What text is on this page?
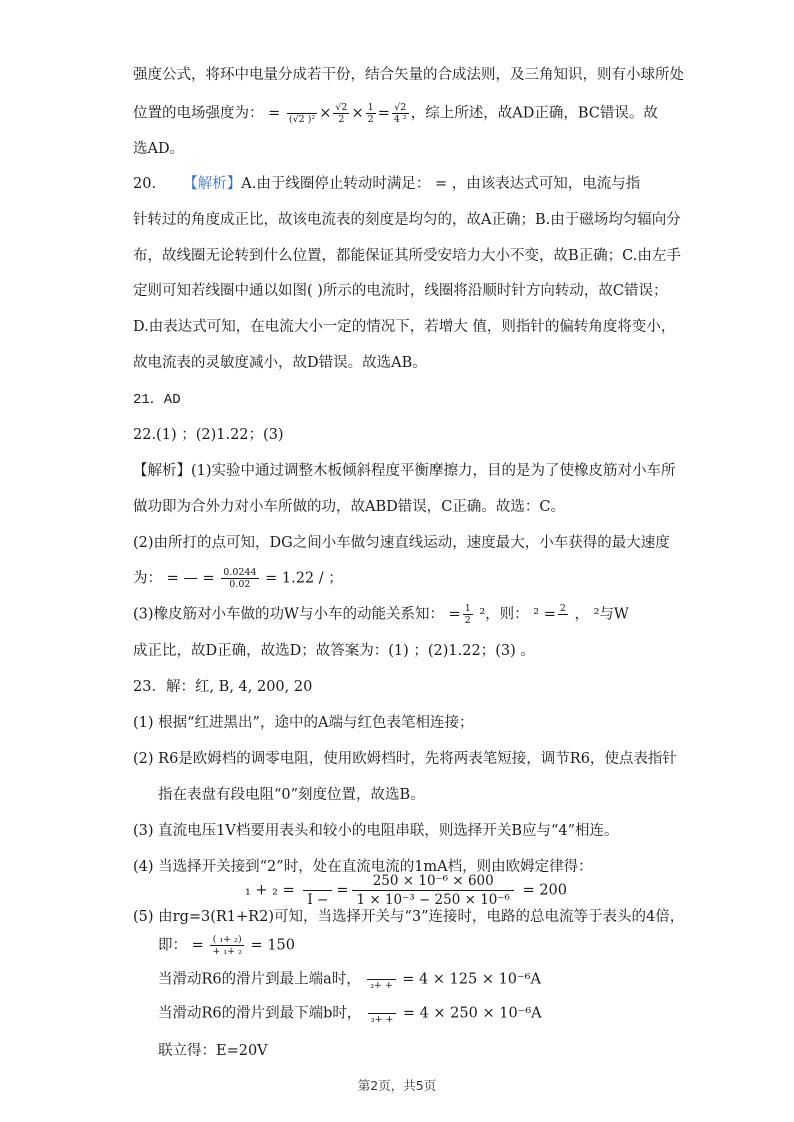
强度公式，将环中电量分成若干份，结合矢量的合成法则，及三角知识，则有小球所处
位置的电场强度为： =
(√2 )$^2 \times \frac{√2}{2} \times \frac{1}{2} = \frac{√2}{\text{4 ²}}$ ，综上所述，故AD正确，BC错误。故
选AD。
20. 【解析】A.由于线圈停止转动时满足： = ，由该表达式可知，电流与指
针转过的角度成正比，故该电流表的刻度是均匀的，故A正确；B.由于磁场均匀辐向分
布，故线圈无论转到什么位置，都能保证其所受安培力大小不变，故B正确；C.由左手
定则可知若线圈中通以如图( )所示的电流时，线圈将沿顺时针方向转动，故C错误；
D.由表达式可知，在电流大小一定的情况下，若增大 值，则指针的偏转角度将变小，
故电流表的灵敏度减小，故D错误。故选AB。
21．AD
22.(1) ；(2)1.22；(3)
【解析】(1)实验中通过调整木板倾斜程度平衡摩擦力，目的是为了使橡皮筋对小车所
做功即为合外力对小车所做的功，故ABD错误，C正确。故选：C。
(2)由所打的点可知，DG之间小车做匀速直线运动，速度最大，小车获得的最大速度
为： = — = $\frac{0.0244}{0.02} = 1.22$ / ；
(3)橡皮筋对小车做的功W与小车的动能关系知： = $\frac{1}{2} ^2$，则： ² = 2
， ²与W
成正比，故D正确，故选D；故答案为：(1) ；(2)1.22；(3) 。
23．解：红, B, 4, 200, 20
(1) 根据“红进黑出”，途中的A端与红色表笔相连接；
(2) R6是欧姆档的调零电阻，使用欧姆档时，先将两表笔短接，调节R6，使点表指针
指在表盘有段电阻“0”刻度位置，故选B。
(3) 直流电压1V档要用表头和较小的电阻串联，则选择开关B应与“4”相连。
(4) 当选择开关接到“2”时，处在直流电流的1mA档，则由欧姆定律得：
₁ + ₂ =

I −
= $\frac{\text{250 × 10⁻⁶ × 600}}{\text{1 × 10⁻³ − 250 × 10⁻⁶}} = 200$
(5) 由rg=3(R1+R2)可知，当选择开关与“3”连接时，电路的总电流等于表头的4倍，
即： = $\frac{\text{( ₁+ ₂)}}{\text{+ ₁+ ₂}} = 150$
当滑动R6的滑片到最上端a时，
₃+ + = 4 × 125 × 10⁻⁶A
当滑动R6的滑片到最下端b时，
₃+ + = 4 × 250 × 10⁻⁶A
第2页，共5页
联立得：E=20V
